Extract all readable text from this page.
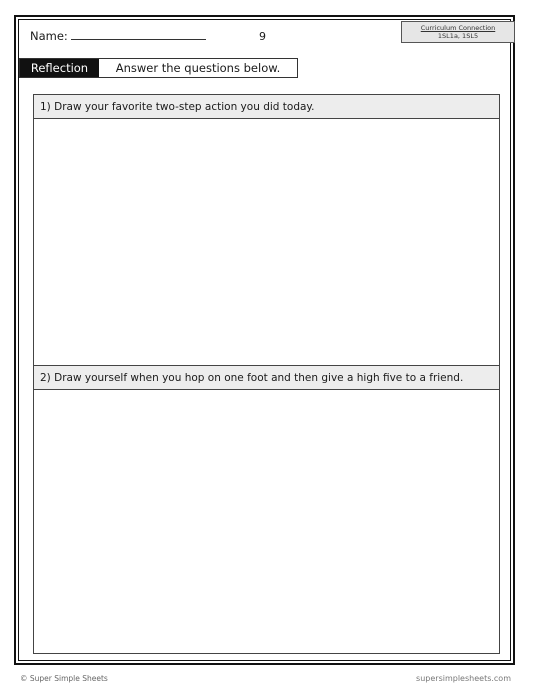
Name:	9
Curriculum Connection
1SL1a, 1SL5
Reflection	Answer the questions below.
1) Draw your favorite two-step action you did today.
2) Draw yourself when you hop on one foot and then give a high five to a friend.
© Super Simple Sheets	supersimplesheets.com
